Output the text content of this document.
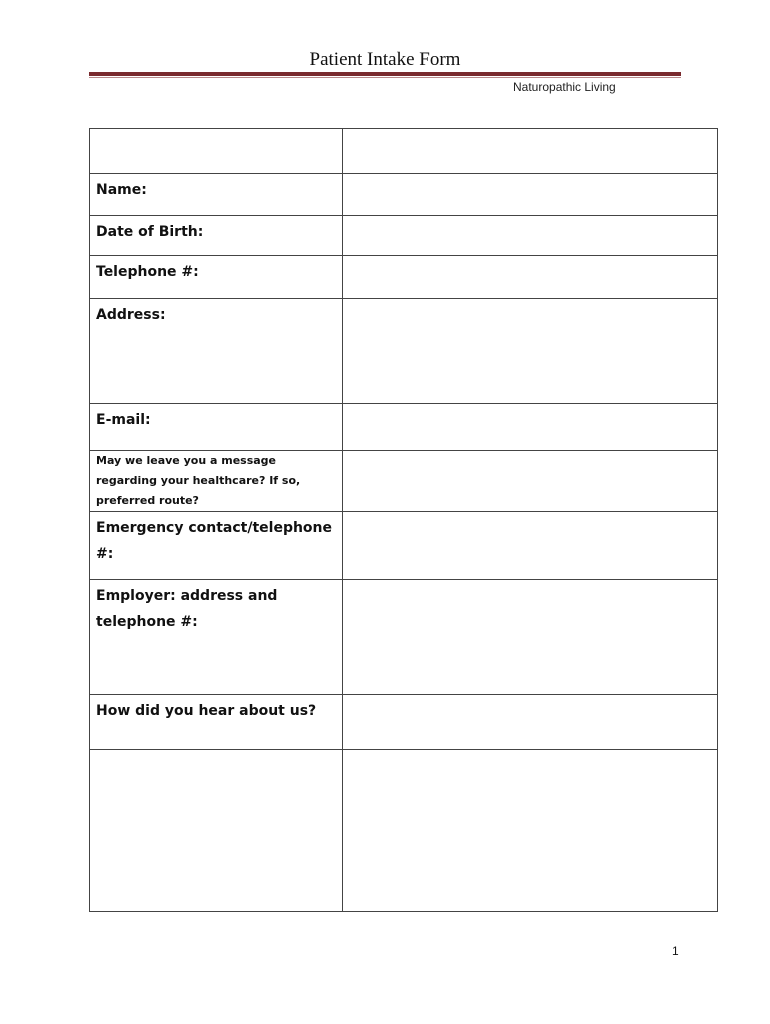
Patient Intake Form
Naturopathic Living

Name:	

Date of Birth:	

Telephone #:	

Address:	

E-mail:	

May we leave you a message regarding your healthcare? If so, preferred route?	

Emergency contact/telephone #:	

Employer: address and telephone #:	

How did you hear about us?	

1
